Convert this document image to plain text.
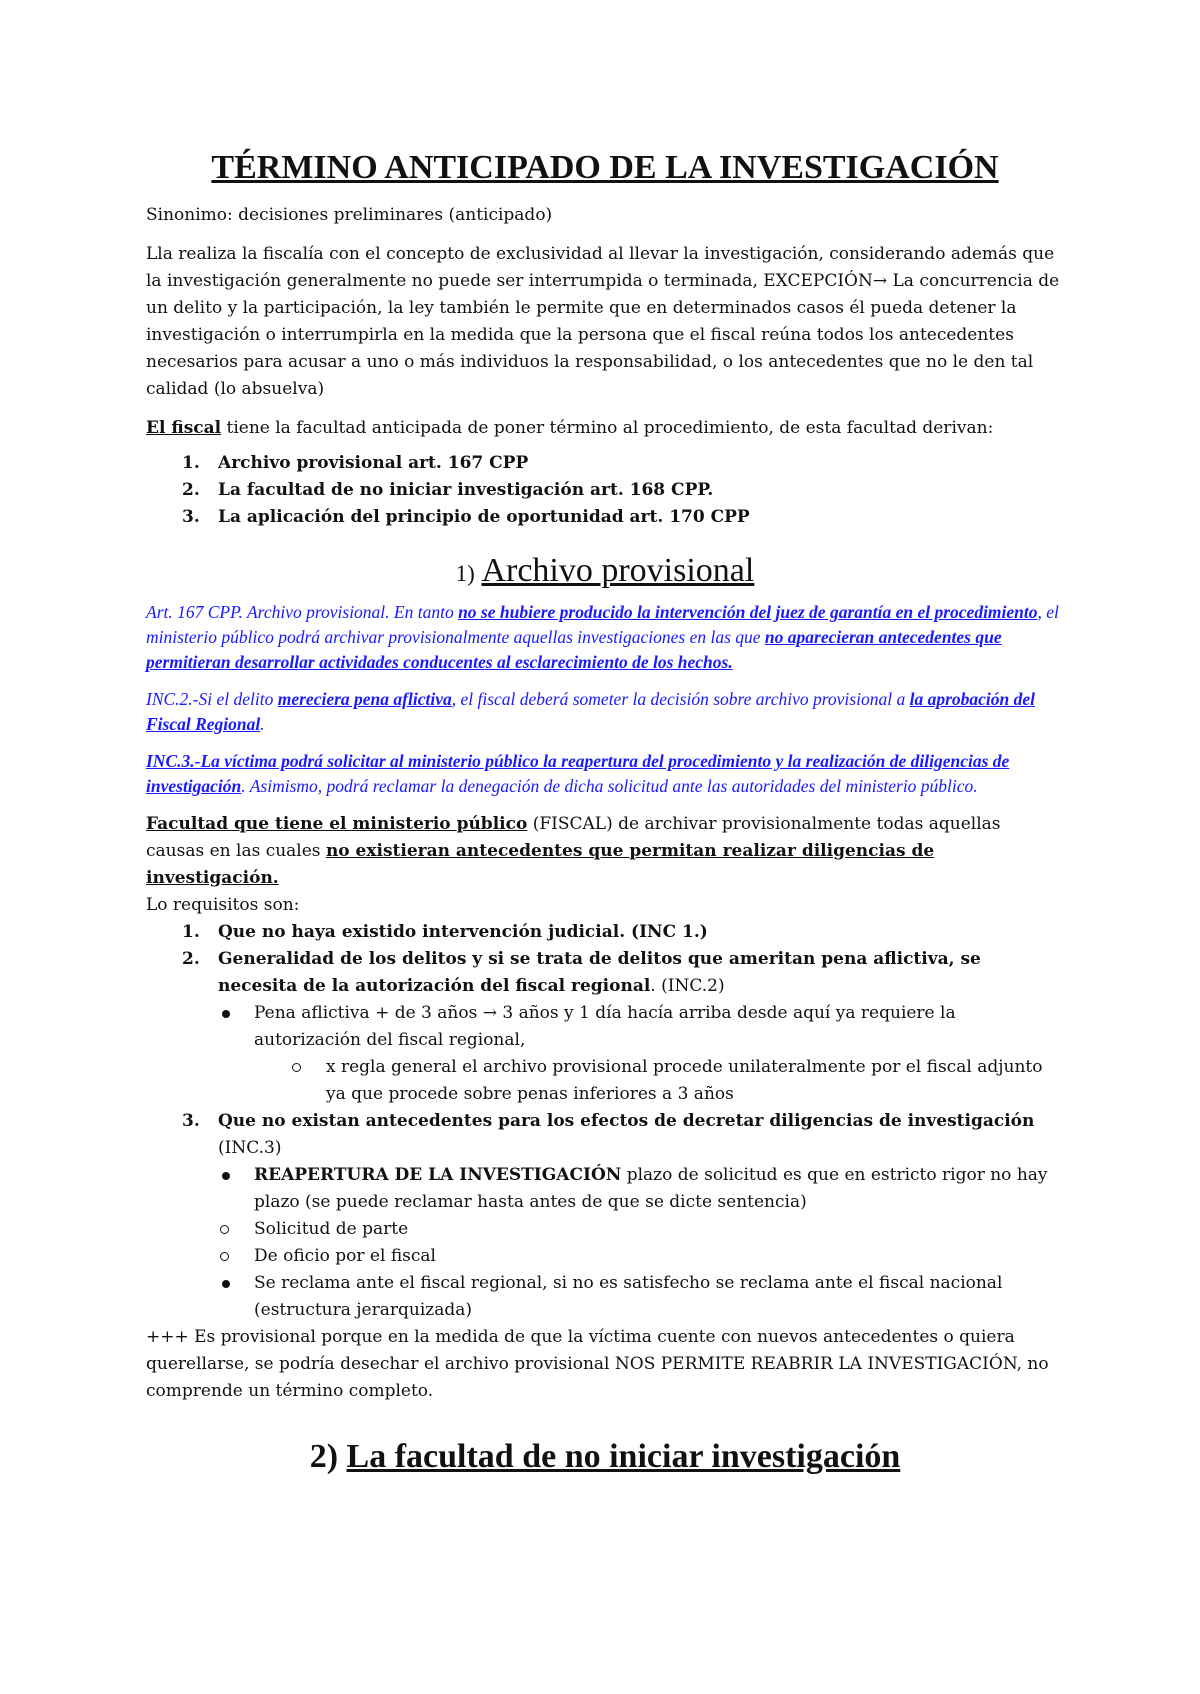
TÉRMINO ANTICIPADO DE LA INVESTIGACIÓN

Sinonimo: decisiones preliminares (anticipado)

Lla realiza la fiscalía con el concepto de exclusividad al llevar la investigación, considerando además que la investigación generalmente no puede ser interrumpida o terminada, EXCEPCIÓN→ La concurrencia de un delito y la participación, la ley también le permite que en determinados casos él pueda detener la investigación o interrumpirla en la medida que la persona que el fiscal reúna todos los antecedentes necesarios para acusar a uno o más individuos la responsabilidad, o los antecedentes que no le den tal calidad (lo absuelva)

El fiscal tiene la facultad anticipada de poner término al procedimiento, de esta facultad derivan:

1. Archivo provisional art. 167 CPP
2. La facultad de no iniciar investigación art. 168 CPP.
3. La aplicación del principio de oportunidad art. 170 CPP
1) Archivo provisional

Art. 167 CPP. Archivo provisional. En tanto no se hubiere producido la intervención del juez de garantía en el procedimiento, el ministerio público podrá archivar provisionalmente aquellas investigaciones en las que no aparecieran antecedentes que permitieran desarrollar actividades conducentes al esclarecimiento de los hechos.

INC.2.-Si el delito mereciera pena aflictiva, el fiscal deberá someter la decisión sobre archivo provisional a la aprobación del Fiscal Regional.

INC.3.-La víctima podrá solicitar al ministerio público la reapertura del procedimiento y la realización de diligencias de investigación. Asimismo, podrá reclamar la denegación de dicha solicitud ante las autoridades del ministerio público.

Facultad que tiene el ministerio público (FISCAL) de archivar provisionalmente todas aquellas causas en las cuales no existieran antecedentes que permitan realizar diligencias de investigación.

Lo requisitos son:

1. Que no haya existido intervención judicial. (INC 1.)
2. Generalidad de los delitos y si se trata de delitos que ameritan pena aflictiva, se necesita de la autorización del fiscal regional. (INC.2)
Pena aflictiva + de 3 años → 3 años y 1 día hacía arriba desde aquí ya requiere la autorización del fiscal regional,
x regla general el archivo provisional procede unilateralmente por el fiscal adjunto ya que procede sobre penas inferiores a 3 años
3. Que no existan antecedentes para los efectos de decretar diligencias de investigación (INC.3)
REAPERTURA DE LA INVESTIGACIÓN plazo de solicitud es que en estricto rigor no hay plazo (se puede reclamar hasta antes de que se dicte sentencia)
Solicitud de parte
De oficio por el fiscal
Se reclama ante el fiscal regional, si no es satisfecho se reclama ante el fiscal nacional (estructura jerarquizada)

+++ Es provisional porque en la medida de que la víctima cuente con nuevos antecedentes o quiera querellarse, se podría desechar el archivo provisional NOS PERMITE REABRIR LA INVESTIGACIÓN, no comprende un término completo.

2) La facultad de no iniciar investigación
